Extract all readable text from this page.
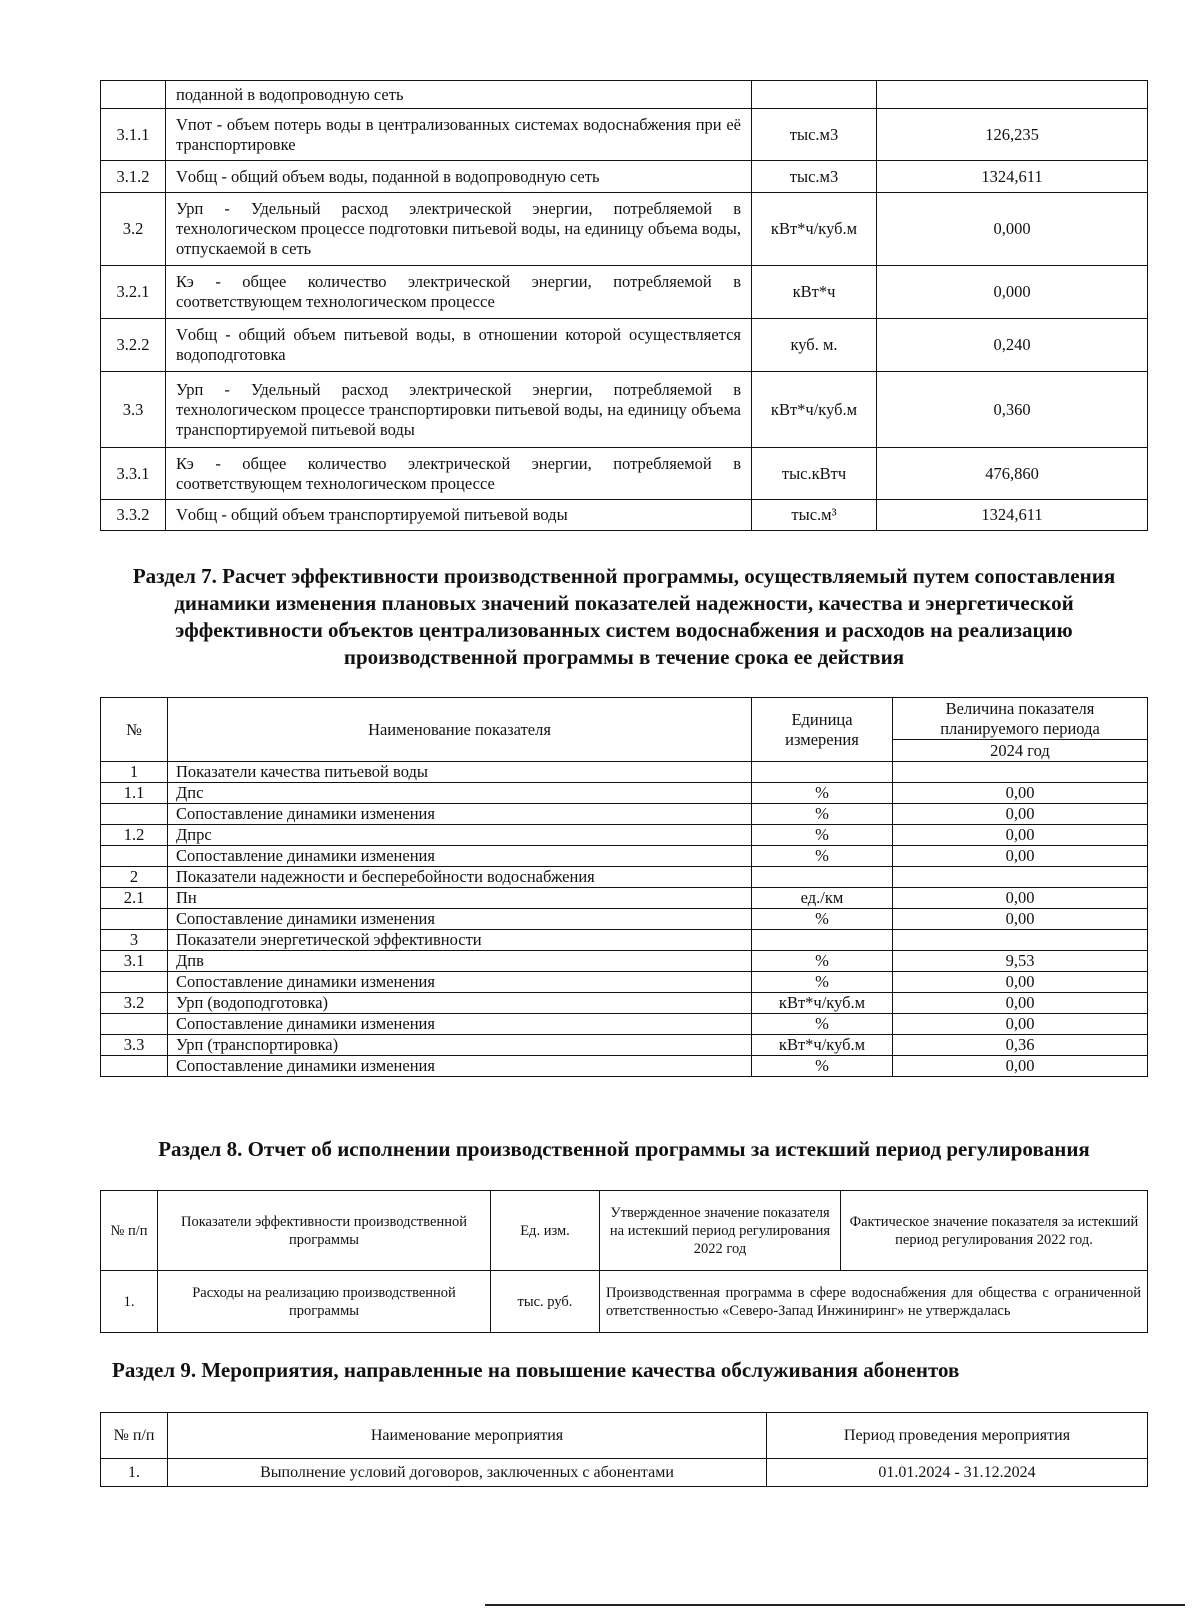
	поданной в водопроводную сеть		
3.1.1	Vпот - объем потерь воды в централизованных системах водоснабжения при её транспортировке	тыс.м3	126,235
3.1.2	Vобщ - общий объем воды, поданной в водопроводную сеть	тыс.м3	1324,611
3.2	Урп - Удельный расход электрической энергии, потребляемой в технологическом процессе подготовки питьевой воды, на единицу объема воды, отпускаемой в сеть	кВт*ч/куб.м	0,000
3.2.1	Кэ - общее количество электрической энергии, потребляемой в соответствующем технологическом процессе	кВт*ч	0,000
3.2.2	Vобщ - общий объем питьевой воды, в отношении которой осуществляется водоподготовка	куб. м.	0,240
3.3	Урп - Удельный расход электрической энергии, потребляемой в технологическом процессе транспортировки питьевой воды, на единицу объема транспортируемой питьевой воды	кВт*ч/куб.м	0,360
3.3.1	Кэ - общее количество электрической энергии, потребляемой в соответствующем технологическом процессе	тыс.кВтч	476,860
3.3.2	Vобщ - общий объем транспортируемой питьевой воды	тыс.м³	1324,611
Раздел 7. Расчет эффективности производственной программы, осуществляемый путем сопоставления динамики изменения плановых значений показателей надежности, качества и энергетической эффективности объектов централизованных систем водоснабжения и расходов на реализацию производственной программы в течение срока ее действия
№	Наименование показателя	Единица измерения	Величина показателя планируемого периода
			2024 год
1	Показатели качества питьевой воды		
1.1	Дпс	%	0,00
	Сопоставление динамики изменения	%	0,00
1.2	Дпрс	%	0,00
	Сопоставление динамики изменения	%	0,00
2	Показатели надежности и бесперебойности водоснабжения		
2.1	Пн	ед./км	0,00
	Сопоставление динамики изменения	%	0,00
3	Показатели энергетической эффективности		
3.1	Дпв	%	9,53
	Сопоставление динамики изменения	%	0,00
3.2	Урп (водоподготовка)	кВт*ч/куб.м	0,00
	Сопоставление динамики изменения	%	0,00
3.3	Урп (транспортировка)	кВт*ч/куб.м	0,36
	Сопоставление динамики изменения	%	0,00
Раздел 8. Отчет об исполнении производственной программы за истекший период регулирования
№ п/п	Показатели эффективности производственной программы	Ед. изм.	Утвержденное значение показателя на истекший период регулирования 2022 год	Фактическое значение показателя за истекший период регулирования 2022 год.
1.	Расходы на реализацию производственной программы	тыс. руб.	Производственная программа в сфере водоснабжения для общества с ограниченной ответственностью «Северо-Запад Инжиниринг» не утверждалась	
Раздел 9. Мероприятия, направленные на повышение качества обслуживания абонентов
№ п/п	Наименование мероприятия	Период проведения мероприятия
1.	Выполнение условий договоров, заключенных с абонентами	01.01.2024 - 31.12.2024
